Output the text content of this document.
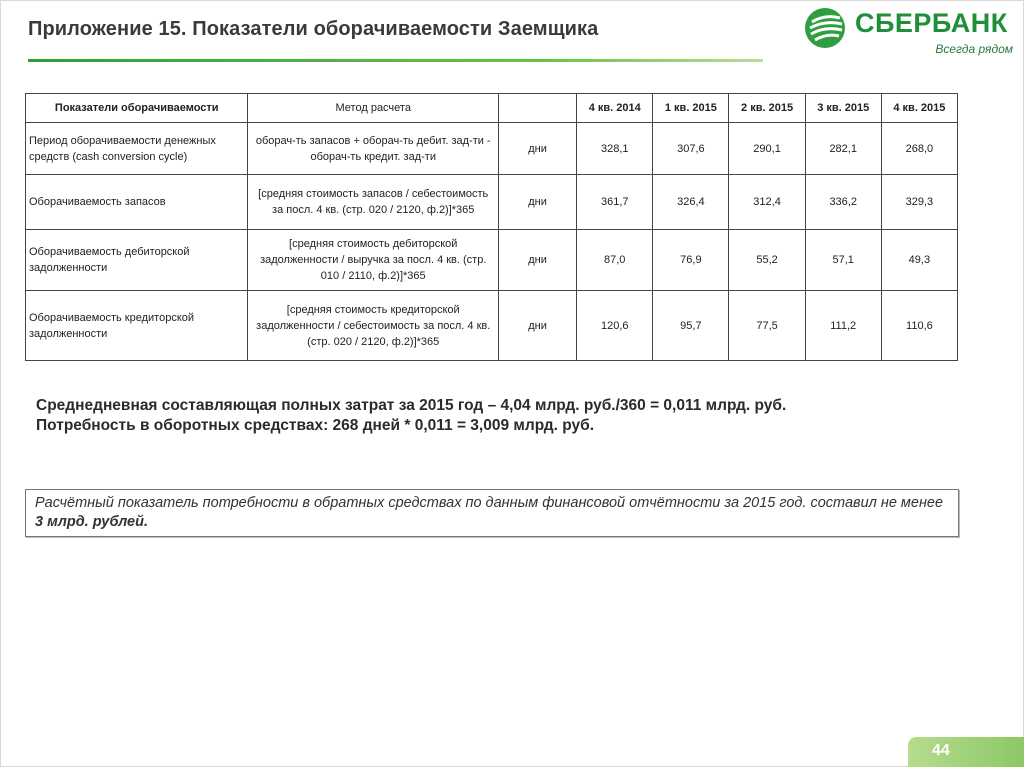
Приложение 15. Показатели оборачиваемости Заемщика	СБЕРБАНК
Всегда рядом
Показатели оборачиваемости	Метод расчета		4 кв. 2014	1 кв. 2015	2 кв. 2015	3 кв. 2015	4 кв. 2015
Период оборачиваемости денежных средств (cash conversion cycle)	оборач-ть запасов + оборач-ть дебит. зад-ти - оборач-ть кредит. зад-ти	дни	328,1	307,6	290,1	282,1	268,0
Оборачиваемость запасов	[средняя стоимость запасов / себестоимость за посл. 4 кв. (стр. 020 / 2120, ф.2)]*365	дни	361,7	326,4	312,4	336,2	329,3
Оборачиваемость дебиторской задолженности	[средняя стоимость дебиторской задолженности / выручка за посл. 4 кв. (стр. 010 / 2110, ф.2)]*365	дни	87,0	76,9	55,2	57,1	49,3
Оборачиваемость кредиторской задолженности	[средняя стоимость кредиторской задолженности / себестоимость за посл. 4 кв. (стр. 020 / 2120, ф.2)]*365	дни	120,6	95,7	77,5	111,2	110,6
Среднедневная составляющая полных затрат за 2015 год – 4,04 млрд. руб./360 = 0,011 млрд. руб.
Потребность в оборотных средствах: 268 дней * 0,011 = 3,009 млрд. руб.
Расчётный показатель потребности в обратных средствах по данным финансовой отчётности за 2015 год. составил не менее 3 млрд. рублей.
44
